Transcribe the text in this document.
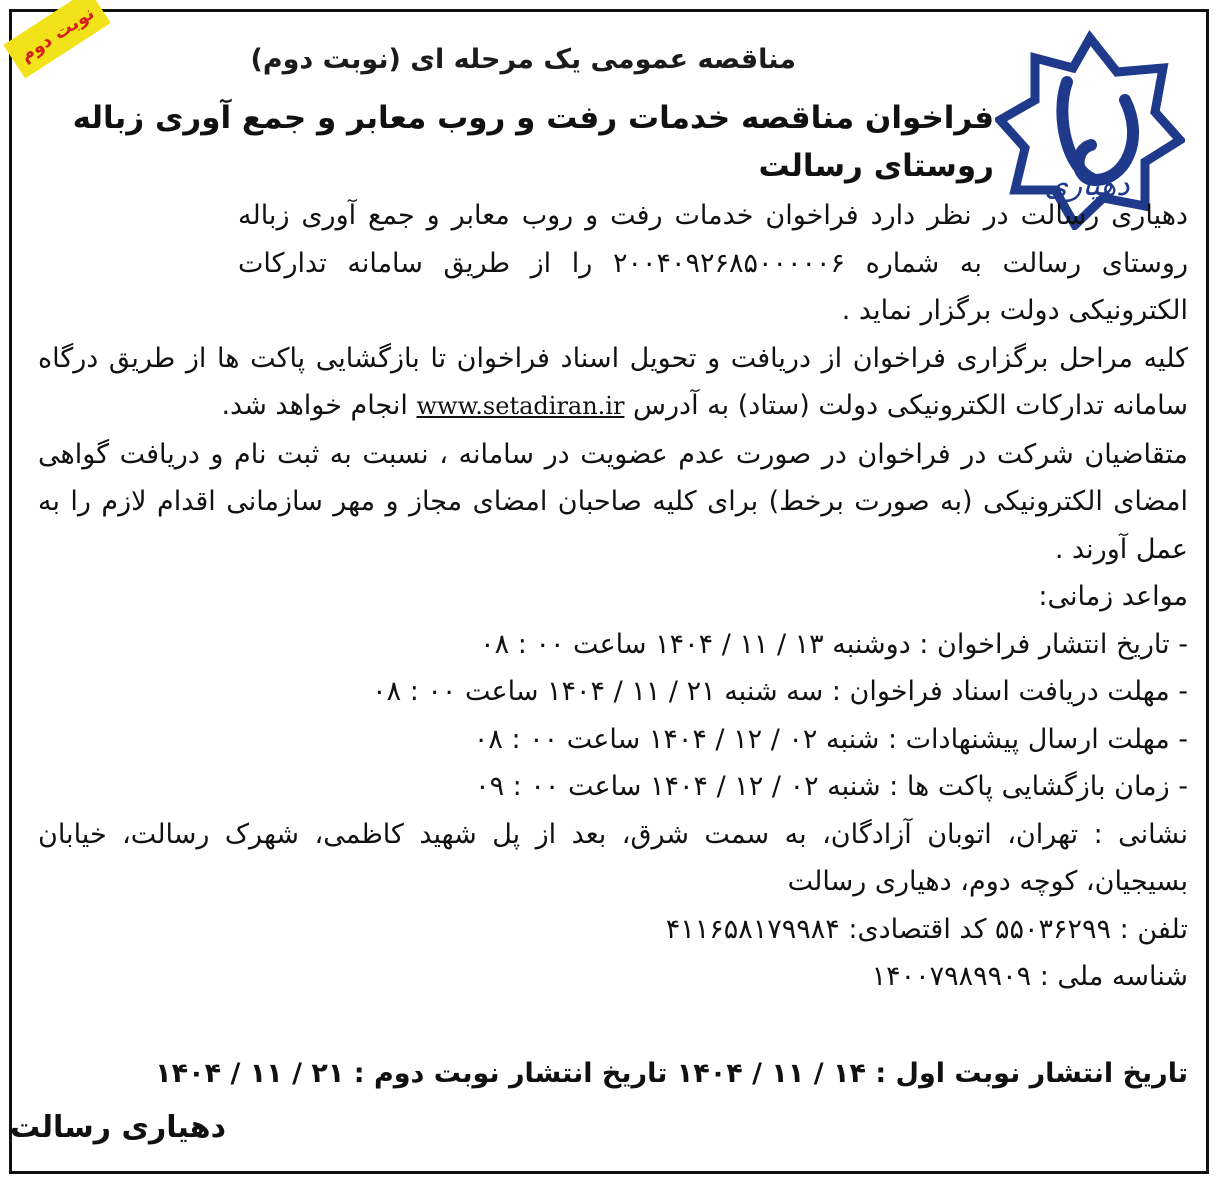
نوبت دوم
دهیاری
مناقصه عمومی یک مرحله ای (نوبت دوم)
فراخوان مناقصه خدمات رفت و روب معابر و جمع آوری زباله روستای رسالت

دهیاری رسالت در نظر دارد فراخوان خدمات رفت و روب معابر و جمع آوری زباله روستای رسالت به شماره ۲۰۰۴۰۹۲۶۸۵۰۰۰۰۰۶ را از طریق سامانه تدارکات الکترونیکی دولت برگزار نماید .

کلیه مراحل برگزاری فراخوان از دریافت و تحویل اسناد فراخوان تا بازگشایی پاکت ها از طریق درگاه سامانه تدارکات الکترونیکی دولت (ستاد) به آدرس www.setadiran.ir انجام خواهد شد.

متقاضیان شرکت در فراخوان در صورت عدم عضویت در سامانه ، نسبت به ثبت نام و دریافت گواهی امضای الکترونیکی (به صورت برخط) برای کلیه صاحبان امضای مجاز و مهر سازمانی اقدام لازم را به عمل آورند .

مواعد زمانی:

- تاریخ انتشار فراخوان : دوشنبه ۱۳ / ۱۱ / ۱۴۰۴ ساعت ۰۰ : ۰۸
- مهلت دریافت اسناد فراخوان : سه شنبه ۲۱ / ۱۱ / ۱۴۰۴ ساعت ۰۰ : ۰۸
- مهلت ارسال پیشنهادات : شنبه ۰۲ / ۱۲ / ۱۴۰۴ ساعت ۰۰ : ۰۸
- زمان بازگشایی پاکت ها : شنبه ۰۲ / ۱۲ / ۱۴۰۴ ساعت ۰۰ : ۰۹

نشانی : تهران، اتوبان آزادگان، به سمت شرق، بعد از پل شهید کاظمی، شهرک رسالت، خیابان بسیجیان، کوچه دوم، دهیاری رسالت

تلفن : ۵۵۰۳۶۲۹۹ کد اقتصادی: ۴۱۱۶۵۸۱۷۹۹۸۴
شناسه ملی : ۱۴۰۰۷۹۸۹۹۰۹
تاریخ انتشار نوبت اول : ۱۴ / ۱۱ / ۱۴۰۴ تاریخ انتشار نوبت دوم : ۲۱ / ۱۱ / ۱۴۰۴
دهیاری رسالت
